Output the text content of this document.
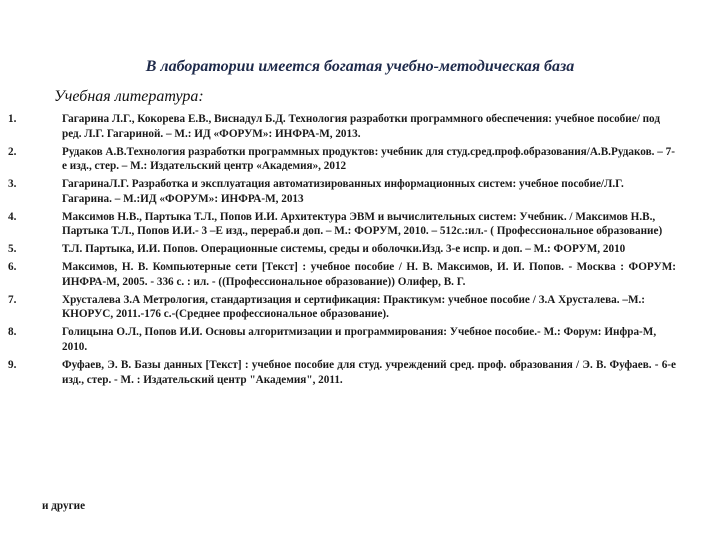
В лаборатории имеется богатая учебно-методическая база
Учебная литература:
1.	Гагарина Л.Г., Кокорева Е.В., Виснадул Б.Д. Технология разработки программного обеспечения: учебное пособие/ под ред. Л.Г. Гагариной. – М.: ИД «ФОРУМ»: ИНФРА-М, 2013.
2.	Рудаков А.В.Технология разработки программных продуктов: учебник для студ.сред.проф.образования/А.В.Рудаков. – 7-е изд., стер. – М.: Издательский центр «Академия», 2012
3.	ГагаринаЛ.Г. Разработка и эксплуатация автоматизированных информационных систем: учебное пособие/Л.Г. Гагарина. – М.:ИД «ФОРУМ»: ИНФРА-М, 2013
4.	Максимов Н.В., Партыка Т.Л., Попов И.И. Архитектура ЭВМ и вычислительных систем: Учебник. / Максимов Н.В., Партыка Т.Л., Попов И.И.- 3 –Е изд., перераб.и доп. – М.: ФОРУМ, 2010. – 512с.:ил.- ( Профессиональное образование)
5.	Т.Л. Партыка, И.И. Попов. Операционные системы, среды и оболочки.Изд. 3-е испр. и доп. – М.: ФОРУМ, 2010
6.	Максимов, Н. В. Компьютерные сети [Текст] : учебное пособие / Н. В. Максимов, И. И. Попов. - Москва : ФОРУМ: ИНФРА-М, 2005. - 336 с. : ил. - ((Профессиональное образование)) Олифер, В. Г.
7.	Хрусталева З.А Метрология, стандартизация и сертификация: Практикум: учебное пособие / З.А Хрусталева. –М.: КНОРУС, 2011.-176 с.-(Среднее профессиональное образование).
8.	Голицына О.Л., Попов И.И. Основы алгоритмизации и программирования: Учебное пособие.- М.: Форум: Инфра-М, 2010.
9.	Фуфаев, Э. В. Базы данных [Текст] : учебное пособие для студ. учреждений сред. проф. образования / Э. В. Фуфаев. - 6-е изд., стер. - М. : Издательский центр "Академия", 2011.
и другие
